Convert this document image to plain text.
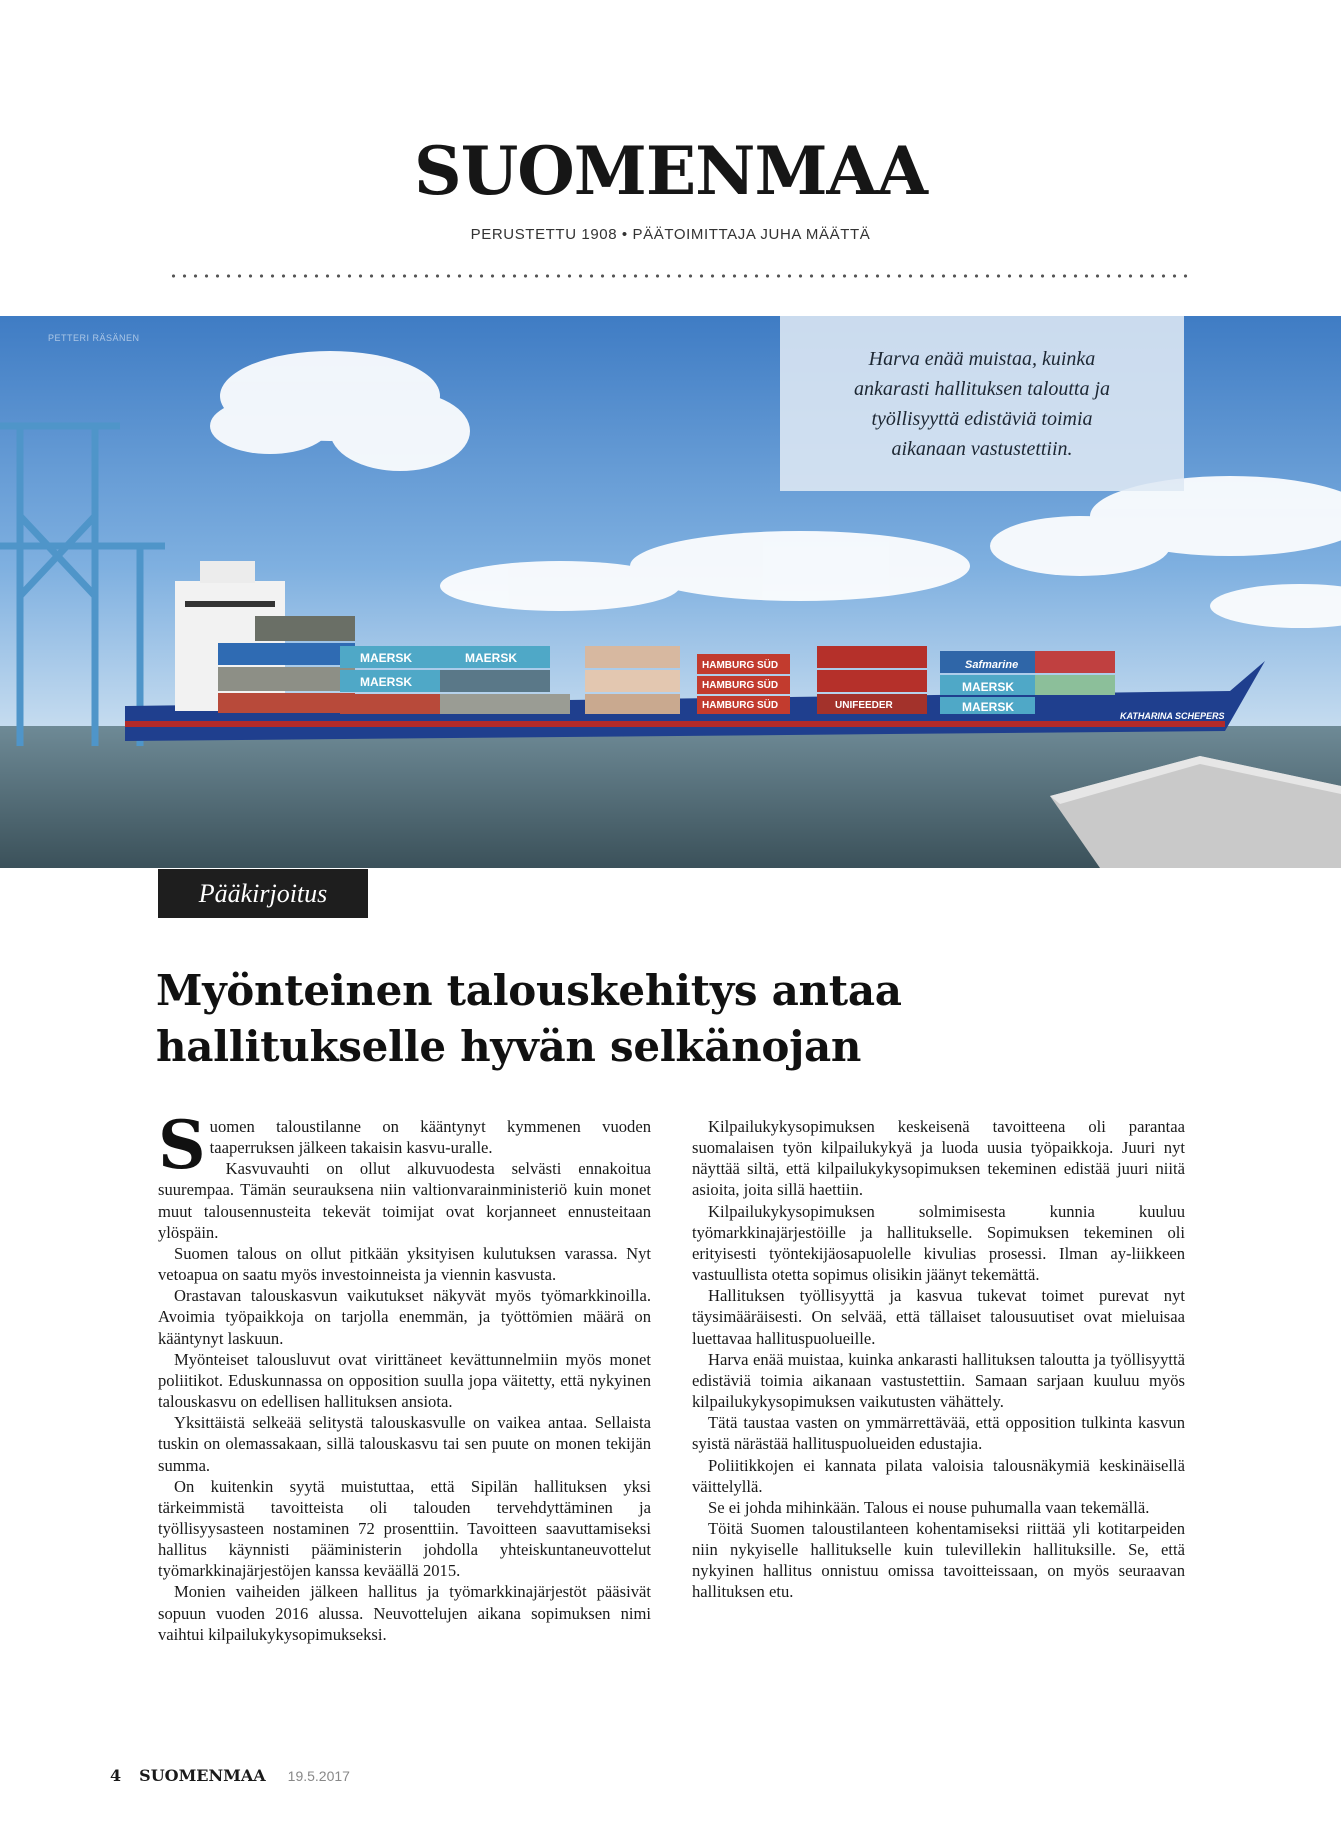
SUOMENMAA
PERUSTETTU 1908 • PÄÄTOIMITTAJA JUHA MÄÄTTÄ
MAERSK	MAERSK
MAERSK	MAERSK
MAERSK
HAMBURG SÜD
HAMBURG SÜD
HAMBURG SÜD	UNIFEEDER
Safmarine
KATHARINA SCHEPERS
PETTERI RÄSÄNEN

Harva enää muistaa, kuinka ankarasti hallituksen taloutta ja työllisyyttä edistäviä toimia aikanaan vastustettiin.

Pääkirjoitus
Myönteinen talouskehitys antaa
hallitukselle hyvän selkänojan

Suomen taloustilanne on kääntynyt kymmenen vuoden taaperruksen jälkeen takaisin kasvu-uralle.

Kasvuvauhti on ollut alkuvuodesta selvästi ennakoitua suurempaa. Tämän seurauksena niin valtionvarainministeriö kuin monet muut talousennusteita tekevät toimijat ovat korjanneet ennusteitaan ylöspäin.

Suomen talous on ollut pitkään yksityisen kulutuksen varassa. Nyt vetoapua on saatu myös investoinneista ja viennin kasvusta.

Orastavan talouskasvun vaikutukset näkyvät myös työmarkkinoilla. Avoimia työpaikkoja on tarjolla enemmän, ja työttömien määrä on kääntynyt laskuun.

Myönteiset talousluvut ovat virittäneet kevättunnelmiin myös monet poliitikot. Eduskunnassa on opposition suulla jopa väitetty, että nykyinen talouskasvu on edellisen hallituksen ansiota.

Yksittäistä selkeää selitystä talouskasvulle on vaikea antaa. Sellaista tuskin on olemassakaan, sillä talouskasvu tai sen puute on monen tekijän summa.

On kuitenkin syytä muistuttaa, että Sipilän hallituksen yksi tärkeimmistä tavoitteista oli talouden tervehdyttäminen ja työllisyysasteen nostaminen 72 prosenttiin. Tavoitteen saavuttamiseksi hallitus käynnisti pääministerin johdolla yhteiskuntaneuvottelut työmarkkinajärjestöjen kanssa keväällä 2015.

Monien vaiheiden jälkeen hallitus ja työmarkkinajärjestöt pääsivät sopuun vuoden 2016 alussa. Neuvottelujen aikana sopimuksen nimi vaihtui kilpailukykysopimukseksi.

Kilpailukykysopimuksen keskeisenä tavoitteena oli parantaa suomalaisen työn kilpailukykyä ja luoda uusia työpaikkoja. Juuri nyt näyttää siltä, että kilpailukykysopimuksen tekeminen edistää juuri niitä asioita, joita sillä haettiin.

Kilpailukykysopimuksen solmimisesta kunnia kuuluu työmarkkinajärjestöille ja hallitukselle. Sopimuksen tekeminen oli erityisesti työntekijäosapuolelle kivulias prosessi. Ilman ay-liikkeen vastuullista otetta sopimus olisikin jäänyt tekemättä.

Hallituksen työllisyyttä ja kasvua tukevat toimet purevat nyt täysimääräisesti. On selvää, että tällaiset talousuutiset ovat mieluisaa luettavaa hallituspuolueille.

Harva enää muistaa, kuinka ankarasti hallituksen taloutta ja työllisyyttä edistäviä toimia aikanaan vastustettiin. Samaan sarjaan kuuluu myös kilpailukykysopimuksen vaikutusten vähättely.

Tätä taustaa vasten on ymmärrettävää, että opposition tulkinta kasvun syistä närästää hallituspuolueiden edustajia.

Poliitikkojen ei kannata pilata valoisia talousnäkymiä keskinäisellä väittelyllä.

Se ei johda mihinkään. Talous ei nouse puhumalla vaan tekemällä.

Töitä Suomen taloustilanteen kohentamiseksi riittää yli kotitarpeiden niin nykyiselle hallitukselle kuin tulevillekin hallituksille. Se, että nykyinen hallitus onnistuu omissa tavoitteissaan, on myös seuraavan hallituksen etu.

4 SUOMENMAA 19.5.2017
